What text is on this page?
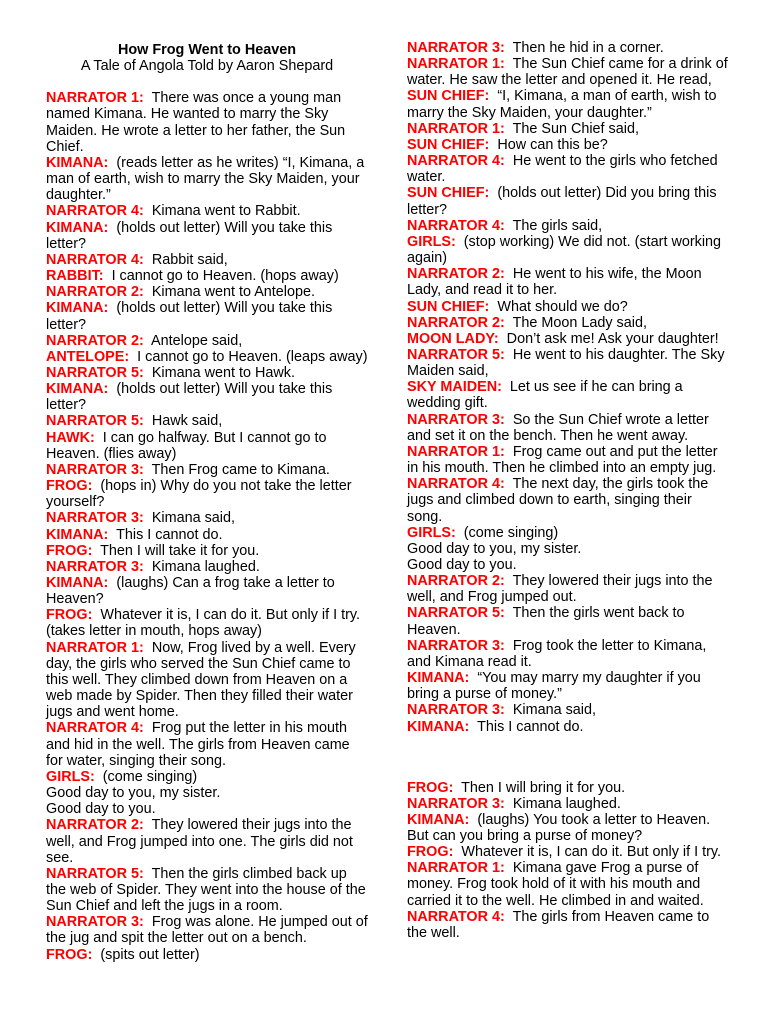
How Frog Went to Heaven
A Tale of Angola Told by Aaron Shepard

NARRATOR 1: There was once a young man named Kimana. He wanted to marry the Sky Maiden. He wrote a letter to her father, the Sun Chief.

KIMANA: (reads letter as he writes) “I, Kimana, a man of earth, wish to marry the Sky Maiden, your daughter.”

NARRATOR 4: Kimana went to Rabbit.

KIMANA: (holds out letter) Will you take this letter?

NARRATOR 4: Rabbit said,

RABBIT: I cannot go to Heaven. (hops away)

NARRATOR 2: Kimana went to Antelope.

KIMANA: (holds out letter) Will you take this letter?

NARRATOR 2: Antelope said,

ANTELOPE: I cannot go to Heaven. (leaps away)

NARRATOR 5: Kimana went to Hawk.

KIMANA: (holds out letter) Will you take this letter?

NARRATOR 5: Hawk said,

HAWK: I can go halfway. But I cannot go to Heaven. (flies away)

NARRATOR 3: Then Frog came to Kimana.

FROG: (hops in) Why do you not take the letter yourself?

NARRATOR 3: Kimana said,

KIMANA: This I cannot do.

FROG: Then I will take it for you.

NARRATOR 3: Kimana laughed.

KIMANA: (laughs) Can a frog take a letter to Heaven?

FROG: Whatever it is, I can do it. But only if I try. (takes letter in mouth, hops away)

NARRATOR 1: Now, Frog lived by a well. Every day, the girls who served the Sun Chief came to this well. They climbed down from Heaven on a web made by Spider. Then they filled their water jugs and went home.

NARRATOR 4: Frog put the letter in his mouth and hid in the well. The girls from Heaven came for water, singing their song.

GIRLS: (come singing)

Good day to you, my sister.

Good day to you.

NARRATOR 2: They lowered their jugs into the well, and Frog jumped into one. The girls did not see.

NARRATOR 5: Then the girls climbed back up the web of Spider. They went into the house of the Sun Chief and left the jugs in a room.

NARRATOR 3: Frog was alone. He jumped out of the jug and spit the letter out on a bench.

FROG: (spits out letter)

NARRATOR 3: Then he hid in a corner.

NARRATOR 1: The Sun Chief came for a drink of water. He saw the letter and opened it. He read,

SUN CHIEF: “I, Kimana, a man of earth, wish to marry the Sky Maiden, your daughter.”

NARRATOR 1: The Sun Chief said,

SUN CHIEF: How can this be?

NARRATOR 4: He went to the girls who fetched water.

SUN CHIEF: (holds out letter) Did you bring this letter?

NARRATOR 4: The girls said,

GIRLS: (stop working) We did not. (start working again)

NARRATOR 2: He went to his wife, the Moon Lady, and read it to her.

SUN CHIEF: What should we do?

NARRATOR 2: The Moon Lady said,

MOON LADY: Don’t ask me! Ask your daughter!

NARRATOR 5: He went to his daughter. The Sky Maiden said,

SKY MAIDEN: Let us see if he can bring a wedding gift.

NARRATOR 3: So the Sun Chief wrote a letter and set it on the bench. Then he went away.

NARRATOR 1: Frog came out and put the letter in his mouth. Then he climbed into an empty jug.

NARRATOR 4: The next day, the girls took the jugs and climbed down to earth, singing their song.

GIRLS: (come singing)

Good day to you, my sister.

Good day to you.

NARRATOR 2: They lowered their jugs into the well, and Frog jumped out.

NARRATOR 5: Then the girls went back to Heaven.

NARRATOR 3: Frog took the letter to Kimana, and Kimana read it.

KIMANA: “You may marry my daughter if you bring a purse of money.”

NARRATOR 3: Kimana said,

KIMANA: This I cannot do.

FROG: Then I will bring it for you.

NARRATOR 3: Kimana laughed.

KIMANA: (laughs) You took a letter to Heaven. But can you bring a purse of money?

FROG: Whatever it is, I can do it. But only if I try.

NARRATOR 1: Kimana gave Frog a purse of money. Frog took hold of it with his mouth and carried it to the well. He climbed in and waited.

NARRATOR 4: The girls from Heaven came to the well.
